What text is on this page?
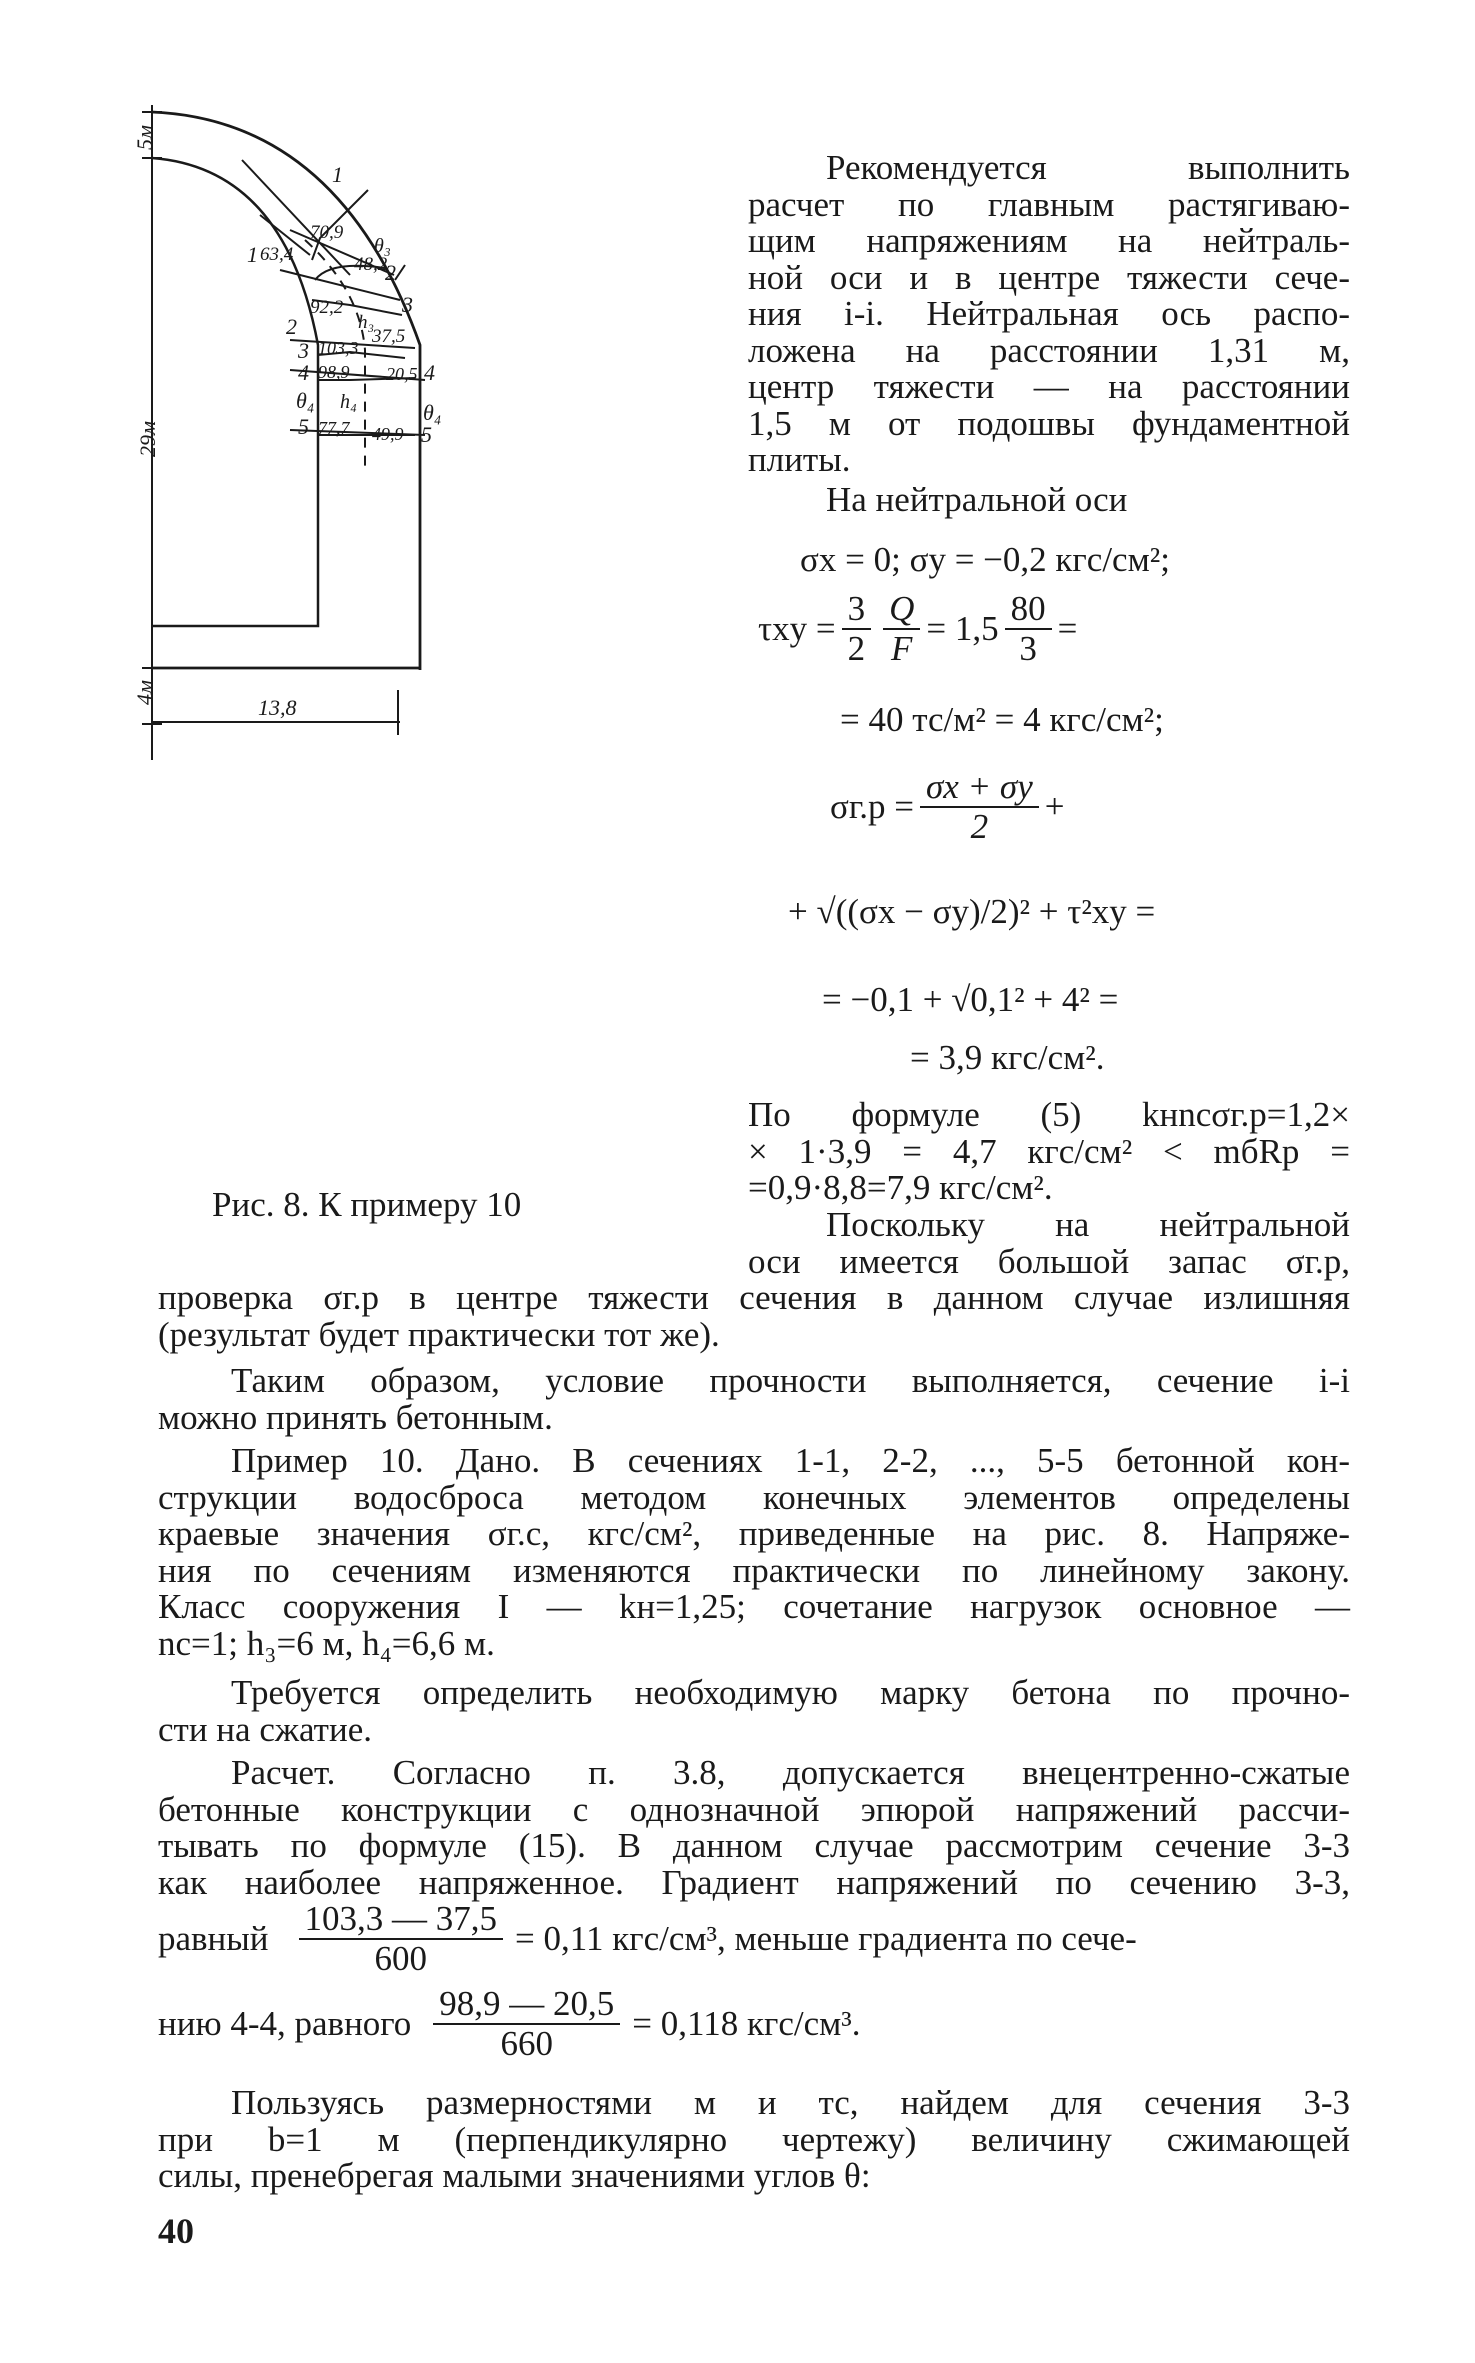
5м
29м
4м
13,8
1
1
70,9
63,4	48,2
θ₃
2
92,2	3
2	h₃
37,5
3 103,3
4 98,9 20,5 4
θ₄ h₄	θ₄
5 77,7 49,9 5
Рис. 8. К примеру 10
Рекомендуется выполнить
расчет по главным растягиваю-
щим напряжениям на нейтраль-
ной оси и в центре тяжести сече-
ния i-i. Нейтральная ось распо-
ложена на расстоянии 1,31 м,
центр тяжести — на расстоянии
1,5 м от подошвы фундаментной
плиты.
На нейтральной оси
σx = 0; σy = −0,2 кгс/см²;
$\tau xy = \frac{3}{2} \frac{Q}{F} = 1,5 \frac{80}{3}$ =
= 40 тс/м² = 4 кгс/см²;
$\sigma г.р = \frac{\sigma x + \sigma y}{2}$ +
+ √((σx − σy)/2)² + τ²xy =
= −0,1 + √0,1² + 4² =
= 3,9 кгс/см².
По формуле (5) kнnсσг.р=1,2×
× 1·3,9 = 4,7 кгс/см² < mбRр =
=0,9·8,8=7,9 кгс/см².
Поскольку на нейтральной
оси имеется большой запас σг.р,
проверка σг.р в центре тяжести сечения в данном случае излишняя
(результат будет практически тот же).
Таким образом, условие прочности выполняется, сечение i-i
можно принять бетонным.
Пример 10. Дано. В сечениях 1-1, 2-2, ..., 5-5 бетонной кон-
струкции водосброса методом конечных элементов определены
краевые значения σг.с, кгс/см², приведенные на рис. 8. Напряже-
ния по сечениям изменяются практически по линейному закону.
Класс сооружения I — kн=1,25; сочетание нагрузок основное —
nс=1; h₃=6 м, h₄=6,6 м.
Требуется определить необходимую марку бетона по прочно-
сти на сжатие.
Расчет. Согласно п. 3.8, допускается внецентренно-сжатые
бетонные конструкции с однозначной эпюрой напряжений рассчи-
тывать по формуле (15). В данном случае рассмотрим сечение 3-3
как наиболее напряженное. Градиент напряжений по сечению 3-3,
равный $\frac{103,3 — 37,5}{600} = 0,11$ кгс/см³, меньше градиента по сече-
нию 4-4, равного $\frac{98,9 — 20,5}{660} = 0,118$ кгс/см³.
Пользуясь размерностями м и тс, найдем для сечения 3-3
при b=1 м (перпендикулярно чертежу) величину сжимающей
силы, пренебрегая малыми значениями углов θ:
40
